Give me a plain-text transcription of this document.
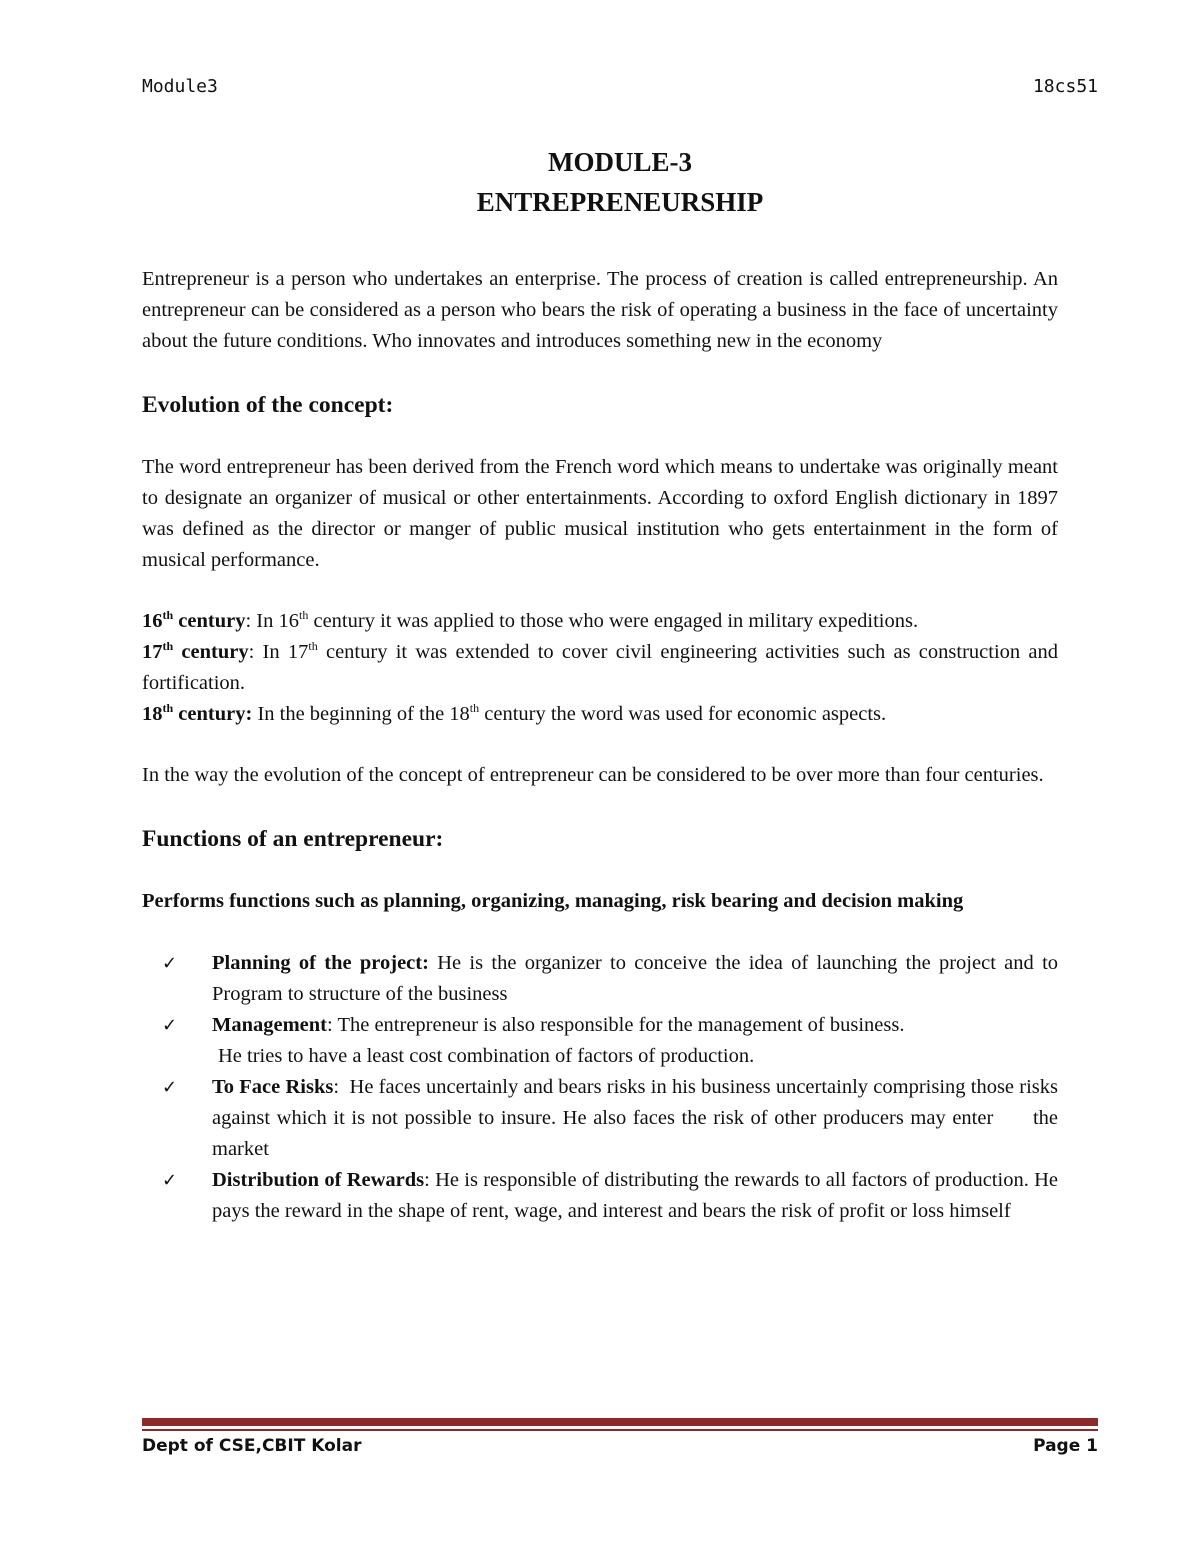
Module3	18cs51
MODULE-3
ENTREPRENEURSHIP

Entrepreneur is a person who undertakes an enterprise. The process of creation is called entrepreneurship. An entrepreneur can be considered as a person who bears the risk of operating a business in the face of uncertainty about the future conditions. Who innovates and introduces something new in the economy

Evolution of the concept:

The word entrepreneur has been derived from the French word which means to undertake was originally meant to designate an organizer of musical or other entertainments. According to oxford English dictionary in 1897 was defined as the director or manger of public musical institution who gets entertainment in the form of musical performance.

16th century: In 16th century it was applied to those who were engaged in military expeditions.

17th century: In 17th century it was extended to cover civil engineering activities such as construction and fortification.

18th century: In the beginning of the 18th century the word was used for economic aspects.

In the way the evolution of the concept of entrepreneur can be considered to be over more than four centuries.

Functions of an entrepreneur:

Performs functions such as planning, organizing, managing, risk bearing and decision making

✓ Planning of the project: He is the organizer to conceive the idea of launching the project and to Program to structure of the business
✓ Management: The entrepreneur is also responsible for the management of business.
He tries to have a least cost combination of factors of production.
✓ To Face Risks:  He faces uncertainly and bears risks in his business uncertainly comprising those risks against which it is not possible to insure. He also faces the risk of other producers may enter      the       market
✓ Distribution of Rewards: He is responsible of distributing the rewards to all factors of production. He pays the reward in the shape of rent, wage, and interest and bears the risk of profit or loss himself
Dept of CSE,CBIT Kolar	Page 1
